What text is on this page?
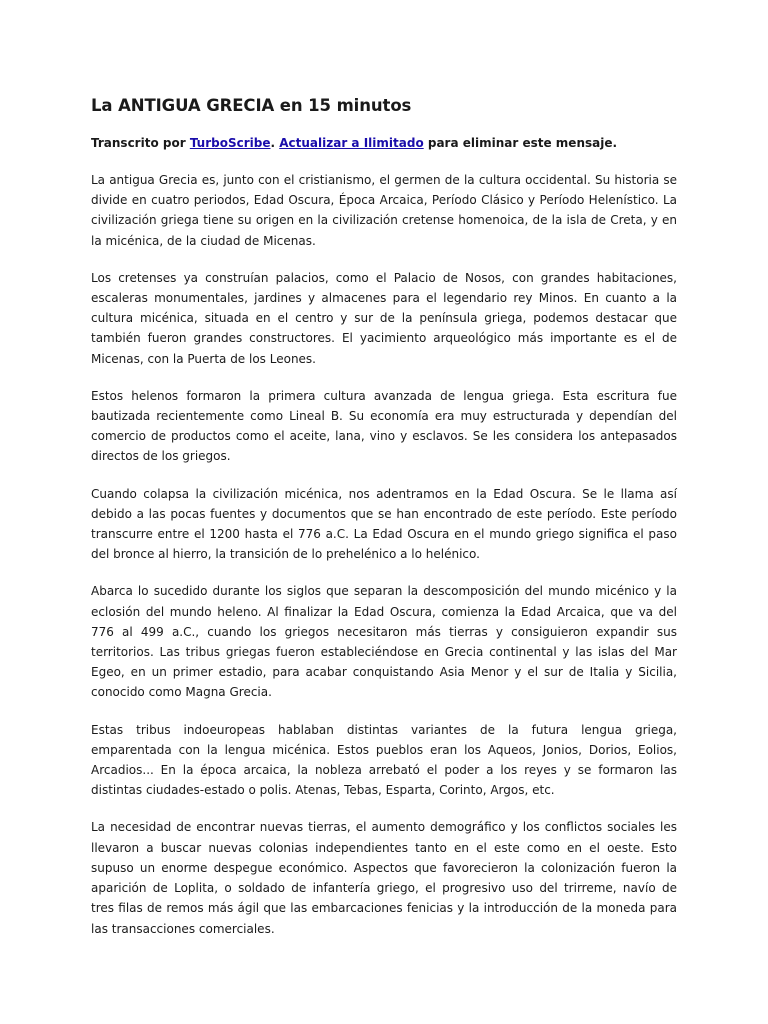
La ANTIGUA GRECIA en 15 minutos
Transcrito por TurboScribe. Actualizar a Ilimitado para eliminar este mensaje.
La antigua Grecia es, junto con el cristianismo, el germen de la cultura occidental. Su historia se
divide en cuatro periodos, Edad Oscura, Época Arcaica, Período Clásico y Período Helenístico. La
civilización griega tiene su origen en la civilización cretense homenoica, de la isla de Creta, y en
la micénica, de la ciudad de Micenas.
Los cretenses ya construían palacios, como el Palacio de Nosos, con grandes habitaciones,
escaleras monumentales, jardines y almacenes para el legendario rey Minos. En cuanto a la
cultura micénica, situada en el centro y sur de la península griega, podemos destacar que
también fueron grandes constructores. El yacimiento arqueológico más importante es el de
Micenas, con la Puerta de los Leones.
Estos helenos formaron la primera cultura avanzada de lengua griega. Esta escritura fue
bautizada recientemente como Lineal B. Su economía era muy estructurada y dependían del
comercio de productos como el aceite, lana, vino y esclavos. Se les considera los antepasados
directos de los griegos.
Cuando colapsa la civilización micénica, nos adentramos en la Edad Oscura. Se le llama así
debido a las pocas fuentes y documentos que se han encontrado de este período. Este período
transcurre entre el 1200 hasta el 776 a.C. La Edad Oscura en el mundo griego significa el paso
del bronce al hierro, la transición de lo prehelénico a lo helénico.
Abarca lo sucedido durante los siglos que separan la descomposición del mundo micénico y la
eclosión del mundo heleno. Al finalizar la Edad Oscura, comienza la Edad Arcaica, que va del
776 al 499 a.C., cuando los griegos necesitaron más tierras y consiguieron expandir sus
territorios. Las tribus griegas fueron estableciéndose en Grecia continental y las islas del Mar
Egeo, en un primer estadio, para acabar conquistando Asia Menor y el sur de Italia y Sicilia,
conocido como Magna Grecia.
Estas tribus indoeuropeas hablaban distintas variantes de la futura lengua griega,
emparentada con la lengua micénica. Estos pueblos eran los Aqueos, Jonios, Dorios, Eolios,
Arcadios... En la época arcaica, la nobleza arrebató el poder a los reyes y se formaron las
distintas ciudades-estado o polis. Atenas, Tebas, Esparta, Corinto, Argos, etc.
La necesidad de encontrar nuevas tierras, el aumento demográfico y los conflictos sociales les
llevaron a buscar nuevas colonias independientes tanto en el este como en el oeste. Esto
supuso un enorme despegue económico. Aspectos que favorecieron la colonización fueron la
aparición de Loplita, o soldado de infantería griego, el progresivo uso del trirreme, navío de
tres filas de remos más ágil que las embarcaciones fenicias y la introducción de la moneda para
las transacciones comerciales.
